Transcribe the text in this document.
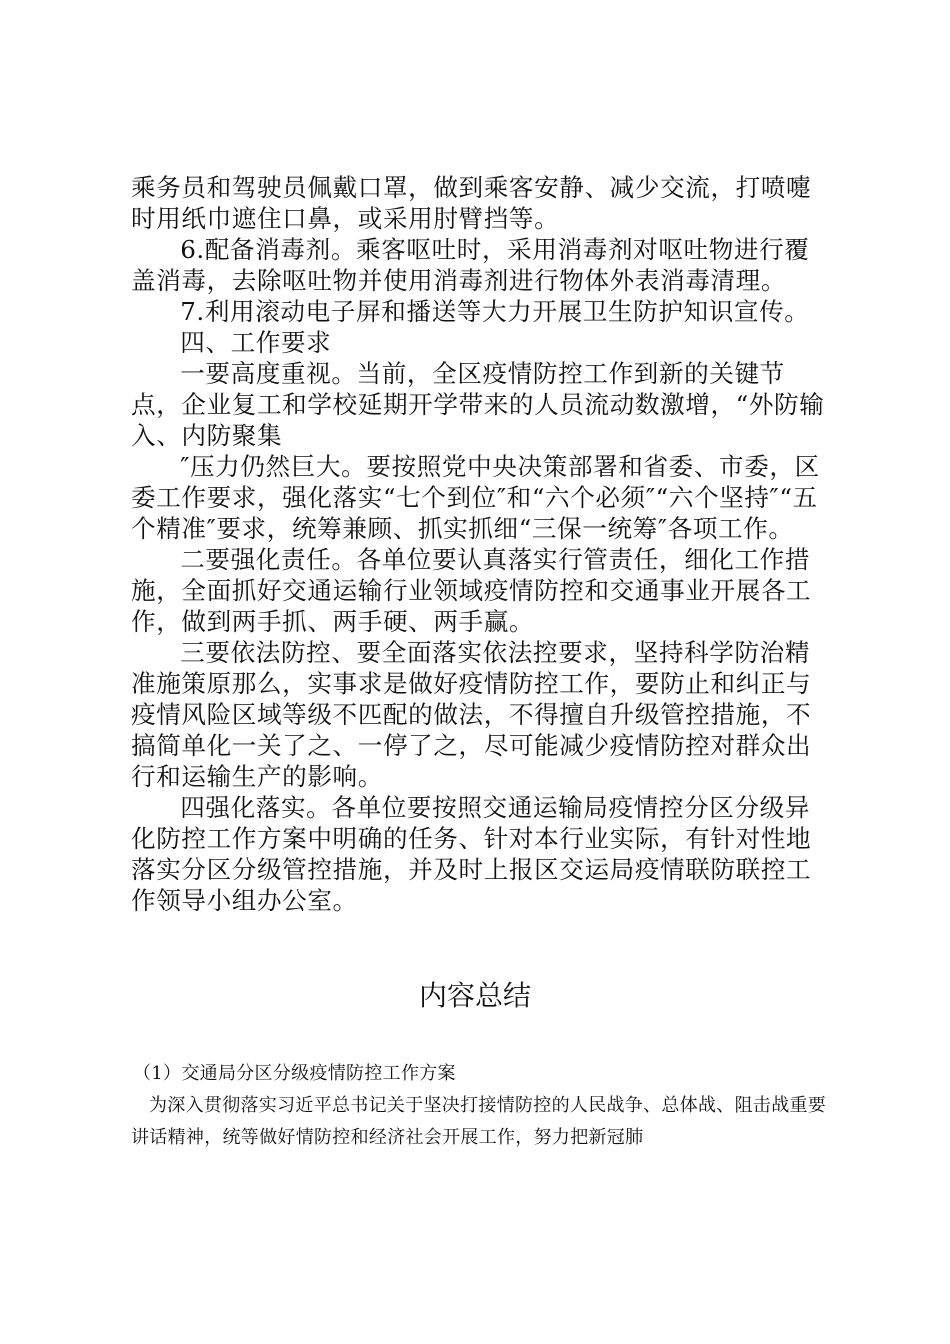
乘务员和驾驶员佩戴口罩，做到乘客安静、减少交流，打喷嚏时用纸巾遮住口鼻，或采用肘臂挡等。

6.配备消毒剂。乘客呕吐时，采用消毒剂对呕吐物进行覆盖消毒，去除呕吐物并使用消毒剂进行物体外表消毒清理。

7.利用滚动电子屏和播送等大力开展卫生防护知识宣传。

四、工作要求

一要高度重视。当前，全区疫情防控工作到新的关键节点，企业复工和学校延期开学带来的人员流动数激增，“外防输入、内防聚集

″压力仍然巨大。要按照党中央决策部署和省委、市委，区委工作要求，强化落实“七个到位″和“六个必须″“六个坚持″“五个精准″要求，统筹兼顾、抓实抓细“三保一统筹″各项工作。

二要强化责任。各单位要认真落实行管责任，细化工作措施，全面抓好交通运输行业领域疫情防控和交通事业开展各工作，做到两手抓、两手硬、两手赢。

三要依法防控、要全面落实依法控要求，坚持科学防治精准施策原那么，实事求是做好疫情防控工作，要防止和纠正与疫情风险区域等级不匹配的做法，不得擅自升级管控措施，不搞简单化一关了之、一停了之，尽可能减少疫情防控对群众出行和运输生产的影响。

四强化落实。各单位要按照交通运输局疫情控分区分级异化防控工作方案中明确的任务、针对本行业实际，有针对性地落实分区分级管控措施，并及时上报区交运局疫情联防联控工作领导小组办公室。

内容总结

（1）交通局分区分级疫情防控工作方案

为深入贯彻落实习近平总书记关于坚决打接情防控的人民战争、总体战、阻击战重要讲话精神，统等做好情防控和经济社会开展工作，努力把新冠肺
